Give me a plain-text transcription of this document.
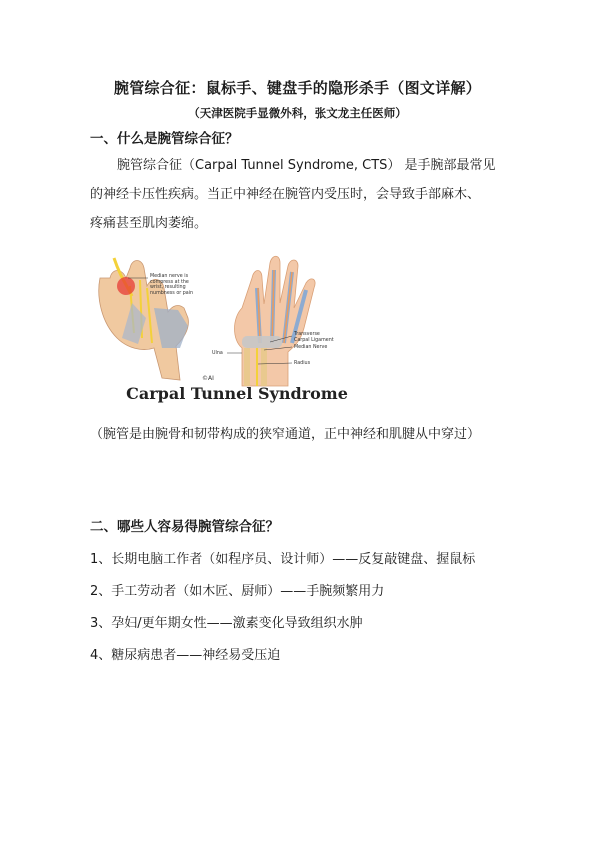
腕管综合征：鼠标手、键盘手的隐形杀手（图文详解）
（天津医院手显微外科，张文龙主任医师）
一、什么是腕管综合征？
腕管综合征（Carpal Tunnel Syndrome, CTS） 是手腕部最常见
的神经卡压性疾病。当正中神经在腕管内受压时，会导致手部麻木、
疼痛甚至肌肉萎缩。
Median nerve is compress at the wrist, resulting numbness or pain
Transverse Carpal Ligament
Median Nerve
Ulna
Radius
©AI
Carpal Tunnel Syndrome
（腕管是由腕骨和韧带构成的狭窄通道，正中神经和肌腱从中穿过）
二、哪些人容易得腕管综合征？
1、长期电脑工作者（如程序员、设计师）——反复敲键盘、握鼠标
2、手工劳动者（如木匠、厨师）——手腕频繁用力
3、孕妇/更年期女性——激素变化导致组织水肿
4、糖尿病患者——神经易受压迫
